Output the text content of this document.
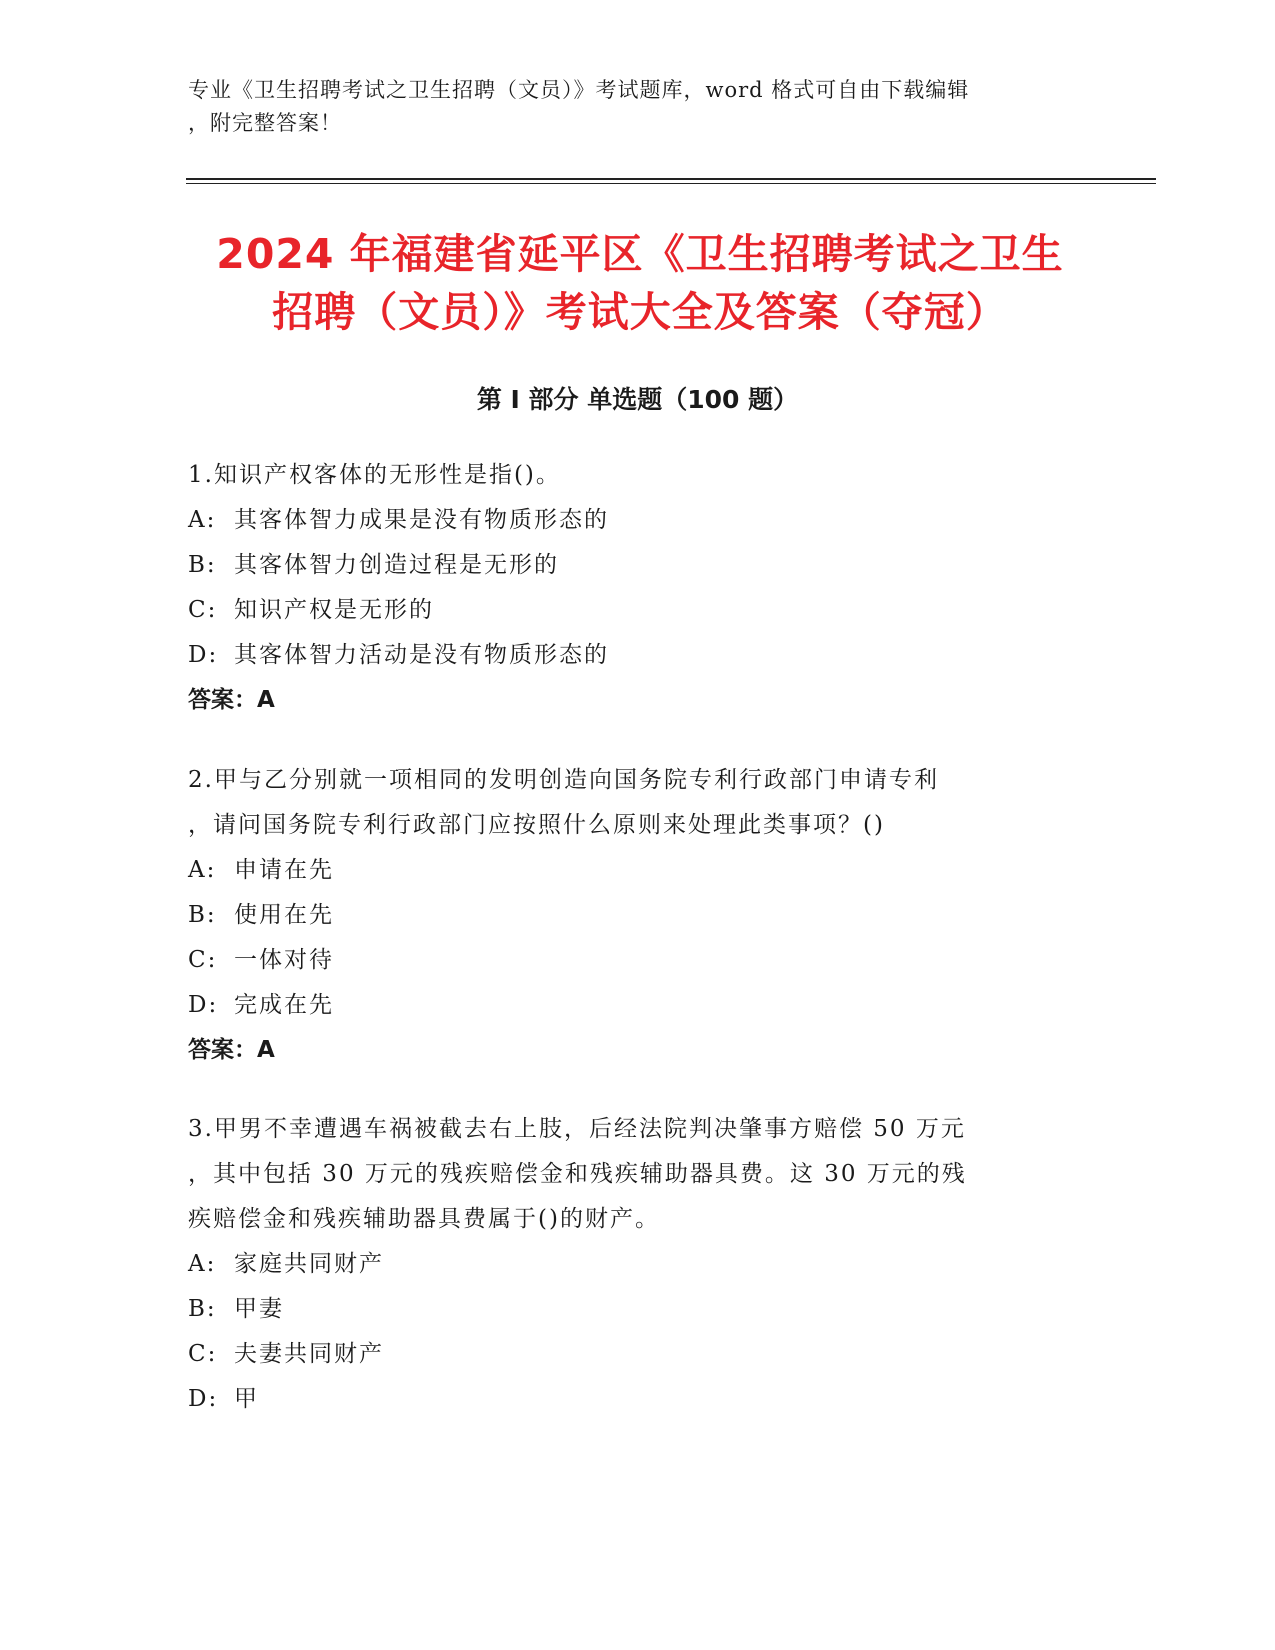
专业《卫生招聘考试之卫生招聘（文员）》考试题库，word 格式可自由下载编辑
，附完整答案！
2024 年福建省延平区《卫生招聘考试之卫生
招聘（文员）》考试大全及答案（夺冠）
第 I 部分 单选题（100 题）
1.知识产权客体的无形性是指()。
A: 其客体智力成果是没有物质形态的
B: 其客体智力创造过程是无形的
C: 知识产权是无形的
D: 其客体智力活动是没有物质形态的
答案：A
2.甲与乙分别就一项相同的发明创造向国务院专利行政部门申请专利
，请问国务院专利行政部门应按照什么原则来处理此类事项？()
A: 申请在先
B: 使用在先
C: 一体对待
D: 完成在先
答案：A
3.甲男不幸遭遇车祸被截去右上肢，后经法院判决肇事方赔偿 50 万元
，其中包括 30 万元的残疾赔偿金和残疾辅助器具费。这 30 万元的残
疾赔偿金和残疾辅助器具费属于()的财产。
A: 家庭共同财产
B: 甲妻
C: 夫妻共同财产
D: 甲
